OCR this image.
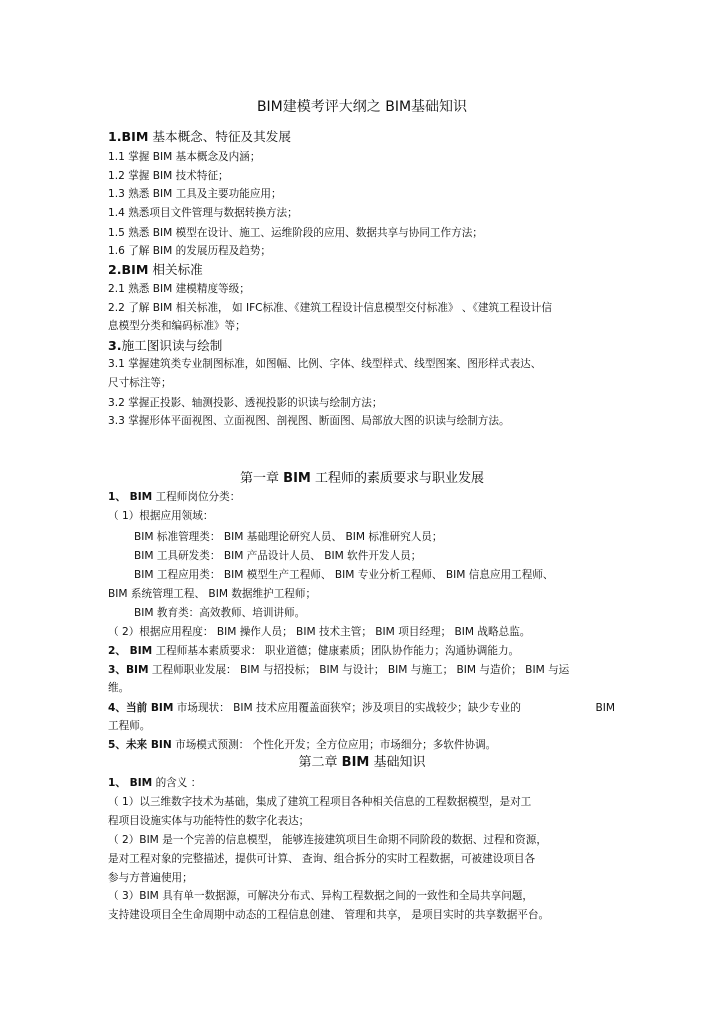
BIM建模考评大纲之 BIM基础知识
1.BIM 基本概念、特征及其发展
1.1 掌握 BIM 基本概念及内涵；
1.2 掌握 BIM 技术特征；
1.3 熟悉 BIM 工具及主要功能应用；
1.4 熟悉项目文件管理与数据转换方法；
1.5 熟悉 BIM 模型在设计、施工、运维阶段的应用、数据共享与协同工作方法；
1.6 了解 BIM 的发展历程及趋势；
2.BIM 相关标准
2.1 熟悉 BIM 建模精度等级；
2.2 了解 BIM 相关标准， 如 IFC标准、《建筑工程设计信息模型交付标准》 、《建筑工程设计信
息模型分类和编码标准》等；
3.施工图识读与绘制
3.1 掌握建筑类专业制图标准，如图幅、比例、字体、线型样式、线型图案、图形样式表达、
尺寸标注等；
3.2 掌握正投影、轴测投影、透视投影的识读与绘制方法；
3.3 掌握形体平面视图、立面视图、剖视图、断面图、局部放大图的识读与绘制方法。
第一章 BIM 工程师的素质要求与职业发展
1、 BIM 工程师岗位分类：
（ 1）根据应用领域：
BIM 标准管理类： BIM 基础理论研究人员、 BIM 标准研究人员；
BIM 工具研发类： BIM 产品设计人员、 BIM 软件开发人员；
BIM 工程应用类： BIM 模型生产工程师、 BIM 专业分析工程师、 BIM 信息应用工程师、
BIM 系统管理工程、 BIM 数据维护工程师；
BIM 教育类：高效教师、培训讲师。
（ 2）根据应用程度： BIM 操作人员； BIM 技术主管； BIM 项目经理； BIM 战略总监。
2、 BIM 工程师基本素质要求： 职业道德；健康素质；团队协作能力；沟通协调能力。
3、BIM 工程师职业发展： BIM 与招投标； BIM 与设计； BIM 与施工； BIM 与造价； BIM 与运
维。
4、当前 BIM 市场现状： BIM 技术应用覆盖面狭窄；涉及项目的实战较少；缺少专业的	BIM
工程师。
5、未来 BIN 市场模式预测： 个性化开发；全方位应用；市场细分；多软件协调。
第二章 BIM 基础知识
1、 BIM 的含义 ：
（ 1）以三维数字技术为基础，集成了建筑工程项目各种相关信息的工程数据模型，是对工
程项目设施实体与功能特性的数字化表达；
（ 2）BIM 是一个完善的信息模型， 能够连接建筑项目生命期不同阶段的数据、过程和资源，
是对工程对象的完整描述，提供可计算、 查询、组合拆分的实时工程数据，可被建设项目各
参与方普遍使用；
（ 3）BIM 具有单一数据源，可解决分布式、异构工程数据之间的一致性和全局共享问题，
支持建设项目全生命周期中动态的工程信息创建、 管理和共享， 是项目实时的共享数据平台。
